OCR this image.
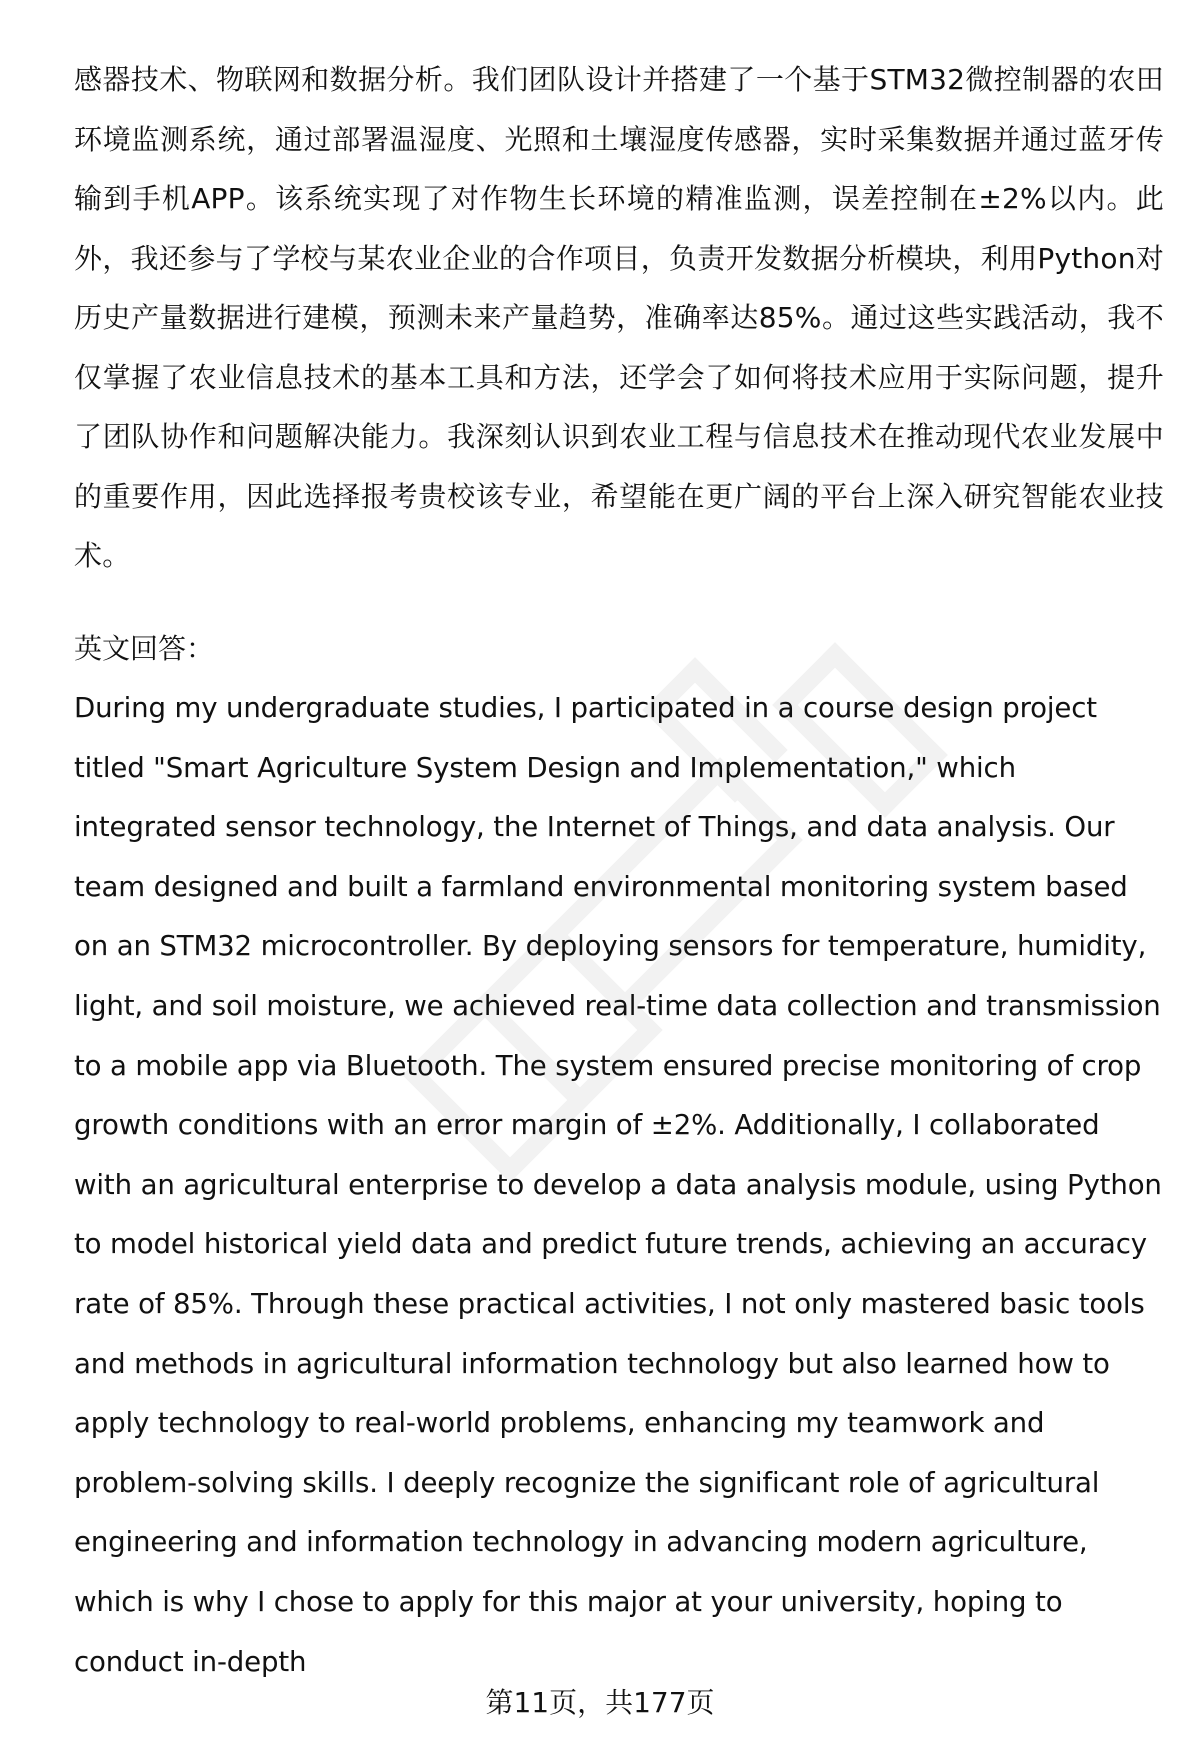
感器技术、物联网和数据分析。我们团队设计并搭建了一个基于STM32微控制器的农田环境监测系统，通过部署温湿度、光照和土壤湿度传感器，实时采集数据并通过蓝牙传输到手机APP。该系统实现了对作物生长环境的精准监测，误差控制在±2%以内。此外，我还参与了学校与某农业企业的合作项目，负责开发数据分析模块，利用Python对历史产量数据进行建模，预测未来产量趋势，准确率达85%。通过这些实践活动，我不仅掌握了农业信息技术的基本工具和方法，还学会了如何将技术应用于实际问题，提升了团队协作和问题解决能力。我深刻认识到农业工程与信息技术在推动现代农业发展中的重要作用，因此选择报考贵校该专业，希望能在更广阔的平台上深入研究智能农业技术。

英文回答：

During my undergraduate studies, I participated in a course design project titled "Smart Agriculture System Design and Implementation," which integrated sensor technology, the Internet of Things, and data analysis. Our team designed and built a farmland environmental monitoring system based on an STM32 microcontroller. By deploying sensors for temperature, humidity, light, and soil moisture, we achieved real-time data collection and transmission to a mobile app via Bluetooth. The system ensured precise monitoring of crop growth conditions with an error margin of ±2%. Additionally, I collaborated with an agricultural enterprise to develop a data analysis module, using Python to model historical yield data and predict future trends, achieving an accuracy rate of 85%. Through these practical activities, I not only mastered basic tools and methods in agricultural information technology but also learned how to apply technology to real-world problems, enhancing my teamwork and problem-solving skills. I deeply recognize the significant role of agricultural engineering and information technology in advancing modern agriculture, which is why I chose to apply for this major at your university, hoping to conduct in-depth

第11页，共177页
